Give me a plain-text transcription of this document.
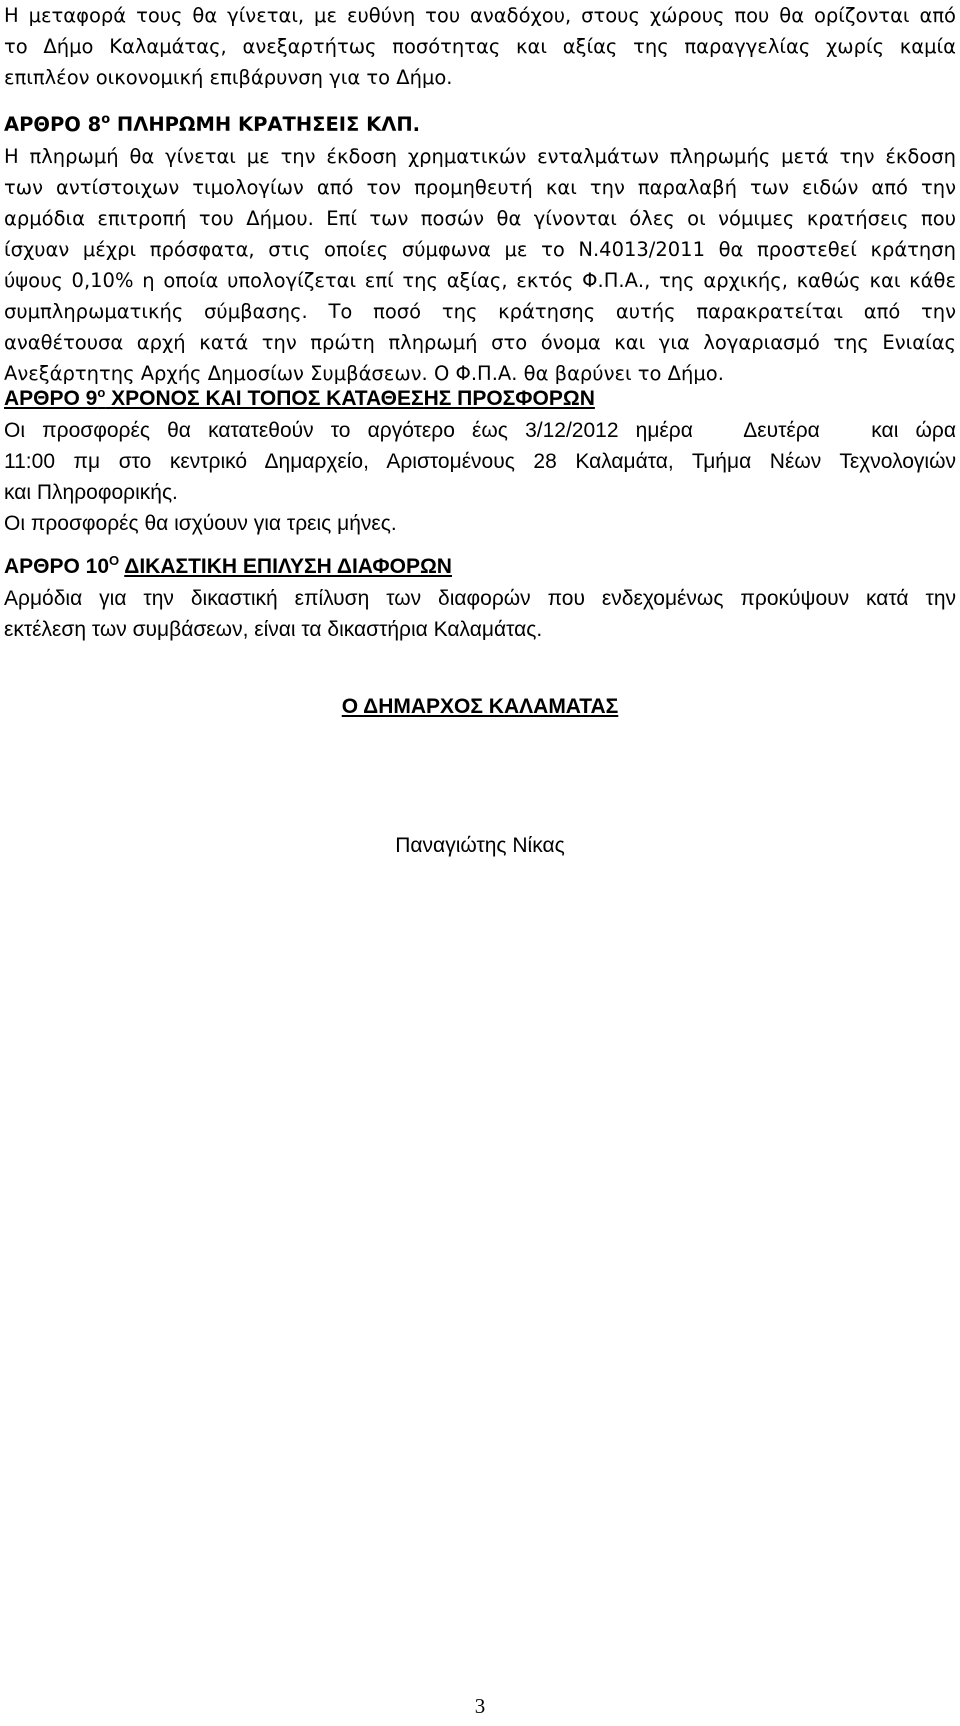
Η μεταφορά τους θα γίνεται, με ευθύνη του αναδόχου, στους χώρους που θα ορίζονται από
το Δήμο Καλαμάτας, ανεξαρτήτως ποσότητας και αξίας της παραγγελίας χωρίς καμία
επιπλέον οικονομική επιβάρυνση για το Δήμο.
ΑΡΘΡΟ $8^o$ ΠΛΗΡΩΜΗ ΚΡΑΤΗΣΕΙΣ ΚΛΠ.
Η πληρωμή θα γίνεται με την έκδοση χρηματικών ενταλμάτων πληρωμής μετά την έκδοση
των αντίστοιχων τιμολογίων από τον προμηθευτή και την παραλαβή των ειδών από την
αρμόδια επιτροπή του Δήμου. Επί των ποσών θα γίνονται όλες οι νόμιμες κρατήσεις που
ίσχυαν μέχρι πρόσφατα, στις οποίες σύμφωνα με το Ν.4013/2011 θα προστεθεί κράτηση
ύψους 0,10% η οποία υπολογίζεται επί της αξίας, εκτός Φ.Π.Α., της αρχικής, καθώς και κάθε
συμπληρωματικής σύμβασης. Το ποσό της κράτησης αυτής παρακρατείται από την
αναθέτουσα αρχή κατά την πρώτη πληρωμή στο όνομα και για λογαριασμό της Ενιαίας
Ανεξάρτητης Αρχής Δημοσίων Συμβάσεων. Ο Φ.Π.Α. θα βαρύνει το Δήμο.
ΑΡΘΡΟ $9^o$ ΧΡΟΝΟΣ ΚΑΙ ΤΟΠΟΣ ΚΑΤΑΘΕΣΗΣ ΠΡΟΣΦΟΡΩΝ
Οι προσφορές θα κατατεθούν το αργότερο έως 3/12/2012 ημέρα   Δευτέρα   και ώρα
11:00 πμ στο κεντρικό Δημαρχείο, Αριστομένους 28 Καλαμάτα, Τμήμα Νέων Τεχνολογιών
και Πληροφορικής.
Οι προσφορές θα ισχύουν για τρεις μήνες.
ΑΡΘΡΟ $10^O$ ΔΙΚΑΣΤΙΚΗ ΕΠΙΛΥΣΗ ΔΙΑΦΟΡΩΝ
Αρμόδια για την δικαστική επίλυση των διαφορών που ενδεχομένως προκύψουν κατά την
εκτέλεση των συμβάσεων, είναι τα δικαστήρια Καλαμάτας.
Ο ΔΗΜΑΡΧΟΣ ΚΑΛΑΜΑΤΑΣ
Παναγιώτης Νίκας
3
